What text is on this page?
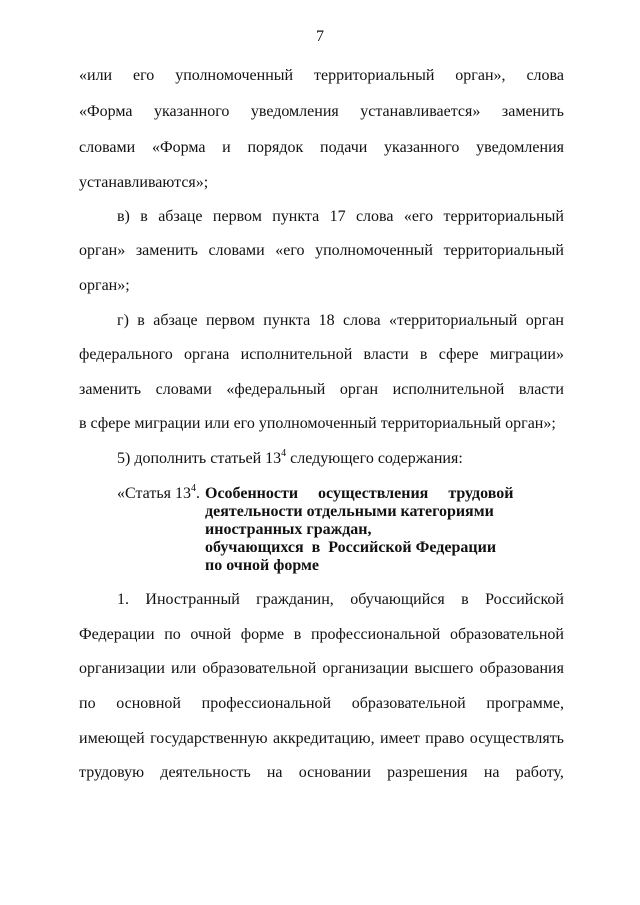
7
«или его уполномоченный территориальный орган», слова
«Форма указанного уведомления устанавливается» заменить
словами «Форма и порядок подачи указанного уведомления
устанавливаются»;
в) в абзаце первом пункта 17 слова «его территориальный
орган» заменить словами «его уполномоченный территориальный
орган»;
г) в абзаце первом пункта 18 слова «территориальный орган
федерального органа исполнительной власти в сфере миграции»
заменить словами «федеральный орган исполнительной власти
в сфере миграции или его уполномоченный территориальный орган»;
5) дополнить статьей $13^4$ следующего содержания:
1. Иностранный гражданин, обучающийся в Российской
Федерации по очной форме в профессиональной образовательной
организации или образовательной организации высшего образования
по основной профессиональной образовательной программе,
имеющей государственную аккредитацию, имеет право осуществлять
трудовую деятельность на основании разрешения на работу,
«Статья $13^4$. Особенности     осуществления     трудовой
деятельности отдельными категориями
иностранных граждан,
обучающихся  в  Российской Федерации
по очной форме
